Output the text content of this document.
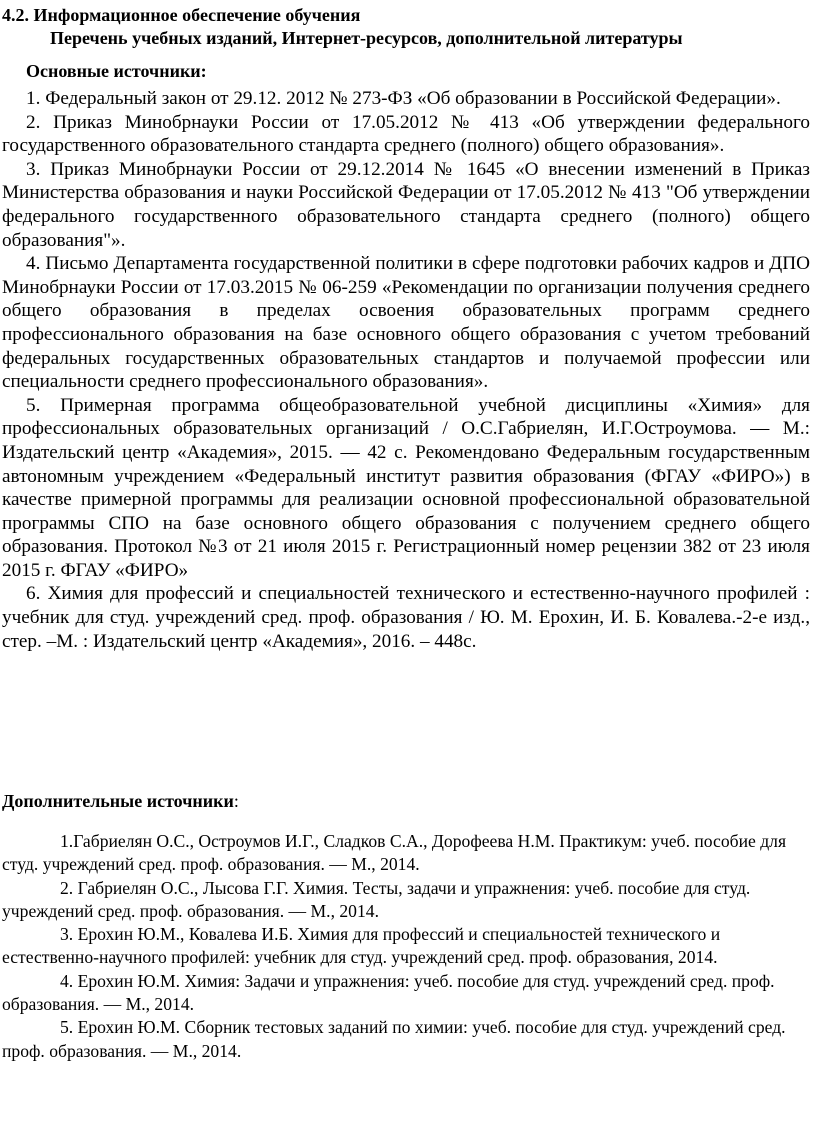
4.2. Информационное обеспечение обучения
Перечень учебных изданий, Интернет-ресурсов, дополнительной литературы
Основные источники:

1. Федеральный закон от 29.12. 2012 № 273-ФЗ «Об образовании в Российской Федерации».

2. Приказ Минобрнауки России от 17.05.2012 № 413 «Об утверждении федерального государственного образовательного стандарта среднего (полного) общего образования».

3. Приказ Минобрнауки России от 29.12.2014 № 1645 «О внесении изменений в Приказ Министерства образования и науки Российской Федерации от 17.05.2012 № 413 "Об утверждении федерального государственного образовательного стандарта среднего (полного) общего образования"».

4. Письмо Департамента государственной политики в сфере подготовки рабочих кадров и ДПО Минобрнауки России от 17.03.2015 № 06-259 «Рекомендации по организации получения среднего общего образования в пределах освоения образовательных программ среднего профессионального образования на базе основного общего образования с учетом требований федеральных государственных образовательных стандартов и получаемой профессии или специальности среднего профессионального образования».

5. Примерная программа общеобразовательной учебной дисциплины «Химия» для профессиональных образовательных организаций / О.С.Габриелян, И.Г.Остроумова. — М.: Издательский центр «Академия», 2015. — 42 с. Рекомендовано Федеральным государственным автономным учреждением «Федеральный институт развития образования (ФГАУ «ФИРО») в качестве примерной программы для реализации основной профессиональной образовательной программы СПО на базе основного общего образования с получением среднего общего образования. Протокол №3 от 21 июля 2015 г. Регистрационный номер рецензии 382 от 23 июля 2015 г. ФГАУ «ФИРО»

6. Химия для профессий и специальностей технического и естественно-научного профилей : учебник для студ. учреждений сред. проф. образования / Ю. М. Ерохин, И. Б. Ковалева.-2-е изд., стер. –М. : Издательский центр «Академия», 2016. – 448с.

Дополнительные источники:

1.Габриелян О.С., Остроумов И.Г., Сладков С.А., Дорофеева Н.М. Практикум: учеб. пособие для студ. учреждений сред. проф. образования. — М., 2014.

2. Габриелян О.С., Лысова Г.Г. Химия. Тесты, задачи и упражнения: учеб. пособие для студ. учреждений сред. проф. образования. — М., 2014.

3. Ерохин Ю.М., Ковалева И.Б. Химия для профессий и специальностей технического и естественно-научного профилей: учебник для студ. учреждений сред. проф. образования, 2014.

4. Ерохин Ю.М. Химия: Задачи и упражнения: учеб. пособие для студ. учреждений сред. проф. образования. — М., 2014.

5. Ерохин Ю.М. Сборник тестовых заданий по химии: учеб. пособие для студ. учреждений сред. проф. образования. — М., 2014.
